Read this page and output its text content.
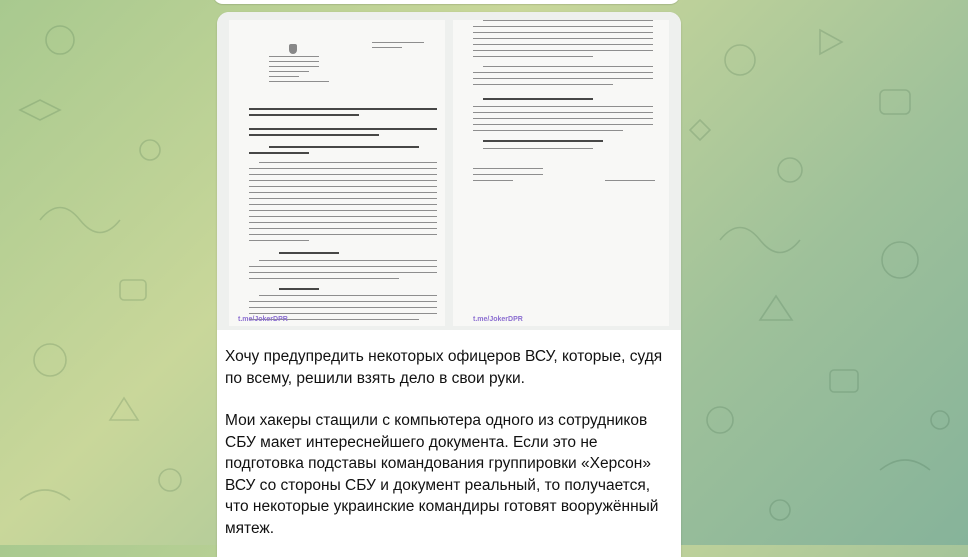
t.me/JokerDPR	t.me/JokerDPR

Хочу предупредить некоторых офицеров ВСУ, которые, судя по всему, решили взять дело в свои руки.

Мои хакеры стащили с компьютера одного из сотрудников СБУ макет интереснейшего документа. Если это не подготовка подставы командования группировки «Херсон» ВСУ со стороны СБУ и документ реальный, то получается, что некоторые украинские командиры готовят вооружённый мятеж.
